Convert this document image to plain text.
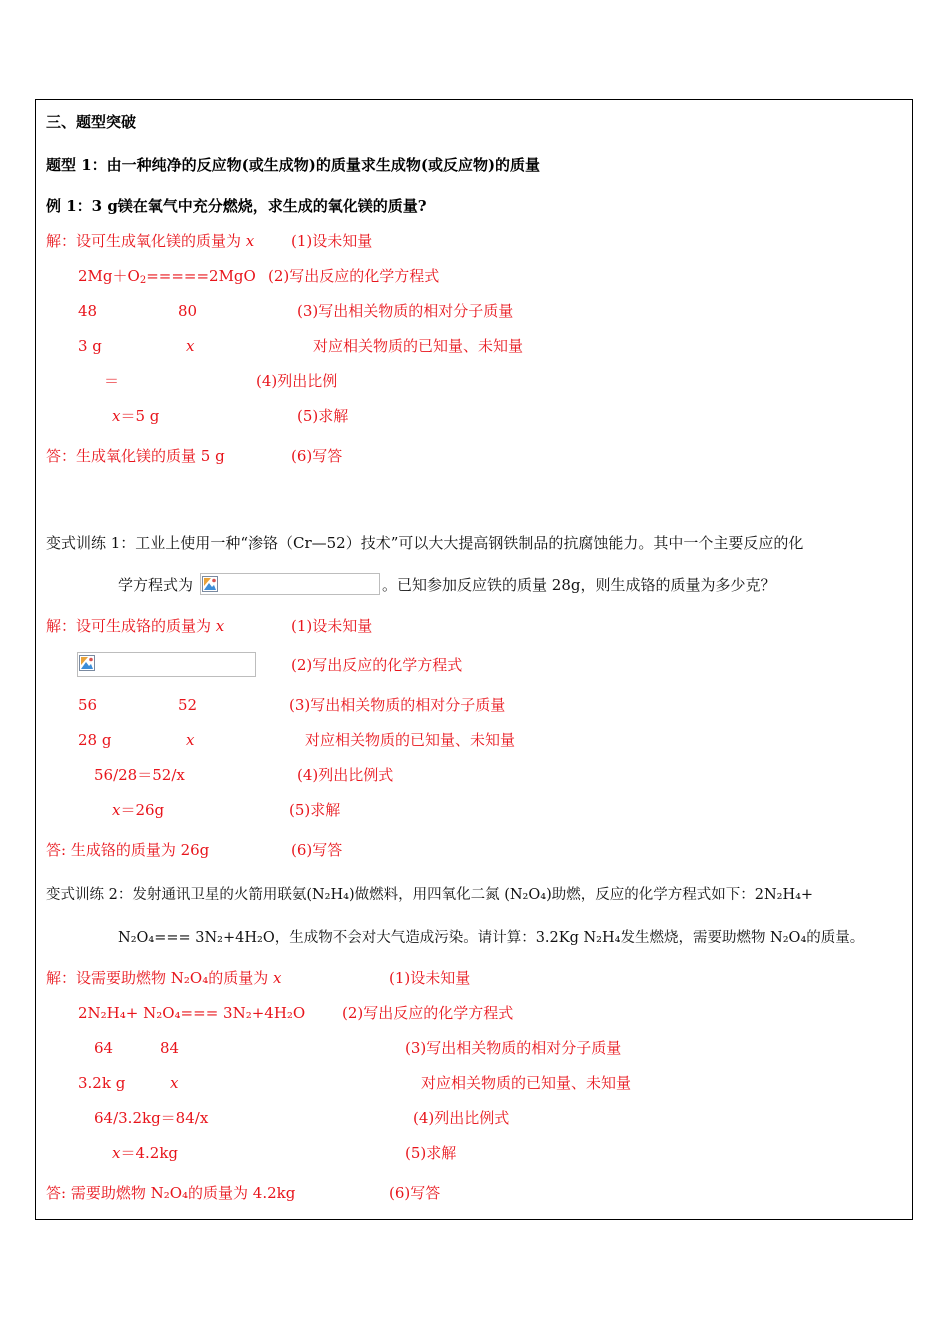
三、题型突破
题型 1：由一种纯净的反应物(或生成物)的质量求生成物(或反应物)的质量
例 1：3 g镁在氧气中充分燃烧，求生成的氧化镁的质量?
解：设可生成氧化镁的质量为 x (1)设未知量
$2Mg+O_2=====2MgO$ (2)写出反应的化学方程式
48	80	(3)写出相关物质的相对分子质量
3 g	x	对应相关物质的已知量、未知量
＝	(4)列出比例
x＝5 g	(5)求解
答：生成氧化镁的质量 5 g	(6)写答
变式训练 1：工业上使用一种“渗铬（Cr—52）技术”可以大大提高钢铁制品的抗腐蚀能力。其中一个主要反应的化
学方程式为	。已知参加反应铁的质量 28g，则生成铬的质量为多少克？
解：设可生成铬的质量为 x	(1)设未知量
(2)写出反应的化学方程式
56	52	(3)写出相关物质的相对分子质量
28 g	x	对应相关物质的已知量、未知量
56/28＝52/x	(4)列出比例式
x＝26g	(5)求解
答: 生成铬的质量为 26g	(6)写答
变式训练 2：发射通讯卫星的火箭用联氨(N₂H₄)做燃料，用四氧化二氮 (N₂O₄)助燃，反应的化学方程式如下：2N₂H₄+
N₂O₄=== 3N₂+4H₂O，生成物不会对大气造成污染。请计算：3.2Kg N₂H₄发生燃烧，需要助燃物 N₂O₄的质量。
解：设需要助燃物 N₂O₄的质量为 x	(1)设未知量
2N₂H₄+ N₂O₄=== 3N₂+4H₂O (2)写出反应的化学方程式
64	84	(3)写出相关物质的相对分子质量
3.2k g	x	对应相关物质的已知量、未知量
64/3.2kg＝84/x	(4)列出比例式
x＝4.2kg	(5)求解
答: 需要助燃物 N₂O₄的质量为 4.2kg	(6)写答
